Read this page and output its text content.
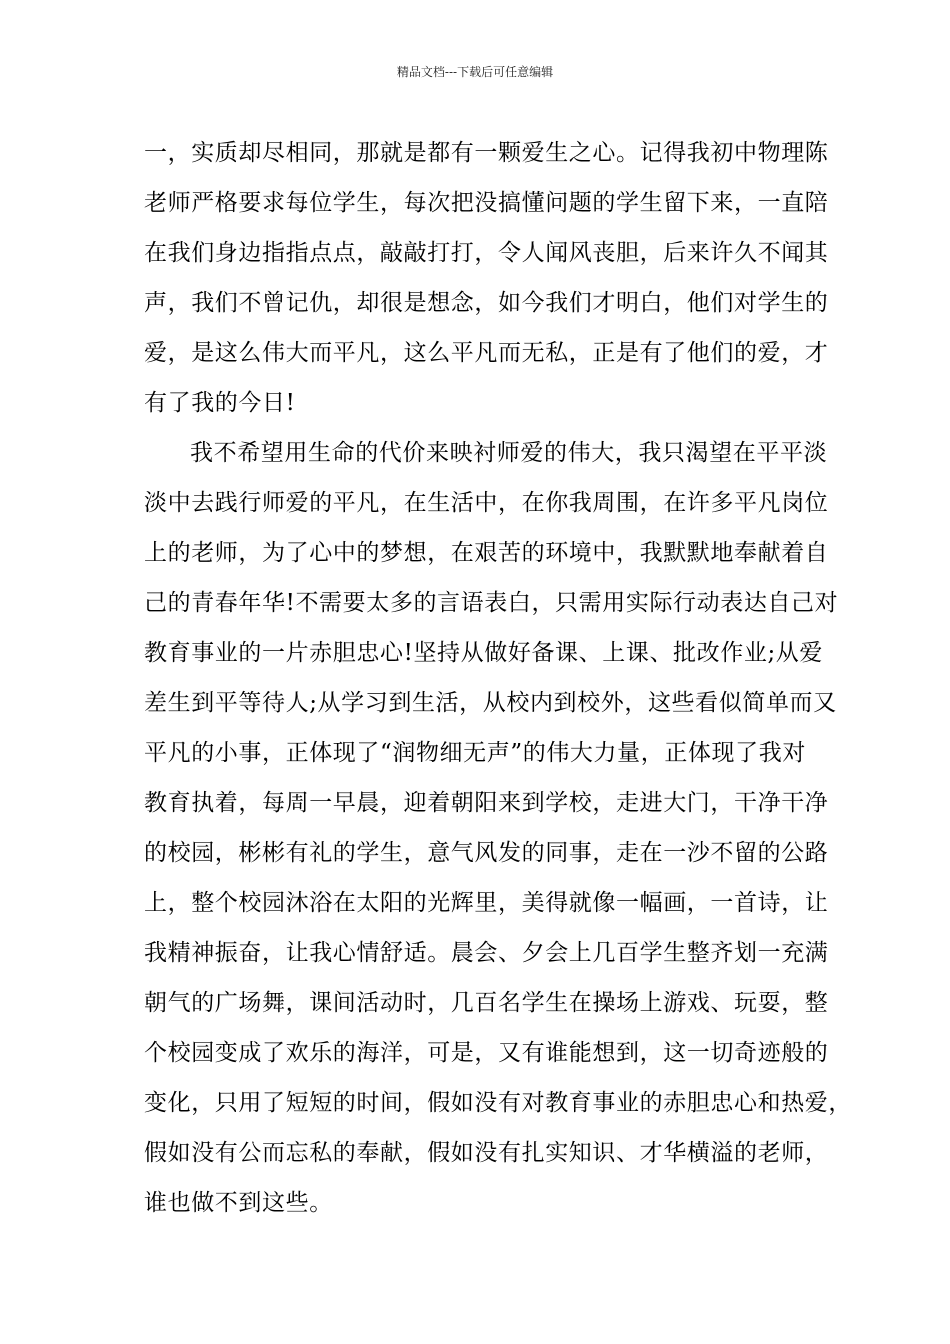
精品文档---下载后可任意编辑
一，实质却尽相同，那就是都有一颗爱生之心。记得我初中物理陈
老师严格要求每位学生，每次把没搞懂问题的学生留下来，一直陪
在我们身边指指点点，敲敲打打，令人闻风丧胆，后来许久不闻其
声，我们不曾记仇，却很是想念，如今我们才明白，他们对学生的
爱，是这么伟大而平凡，这么平凡而无私，正是有了他们的爱，才
有了我的今日!
我不希望用生命的代价来映衬师爱的伟大，我只渴望在平平淡
淡中去践行师爱的平凡，在生活中，在你我周围，在许多平凡岗位
上的老师，为了心中的梦想，在艰苦的环境中，我默默地奉献着自
己的青春年华!不需要太多的言语表白，只需用实际行动表达自己对
教育事业的一片赤胆忠心!坚持从做好备课、上课、批改作业;从爱
差生到平等待人;从学习到生活，从校内到校外，这些看似简单而又
平凡的小事，正体现了“润物细无声”的伟大力量，正体现了我对
教育执着，每周一早晨，迎着朝阳来到学校，走进大门，干净干净
的校园，彬彬有礼的学生，意气风发的同事，走在一沙不留的公路
上，整个校园沐浴在太阳的光辉里，美得就像一幅画，一首诗，让
我精神振奋，让我心情舒适。晨会、夕会上几百学生整齐划一充满
朝气的广场舞，课间活动时，几百名学生在操场上游戏、玩耍，整
个校园变成了欢乐的海洋，可是，又有谁能想到，这一切奇迹般的
变化，只用了短短的时间，假如没有对教育事业的赤胆忠心和热爱，
假如没有公而忘私的奉献，假如没有扎实知识、才华横溢的老师，
谁也做不到这些。
